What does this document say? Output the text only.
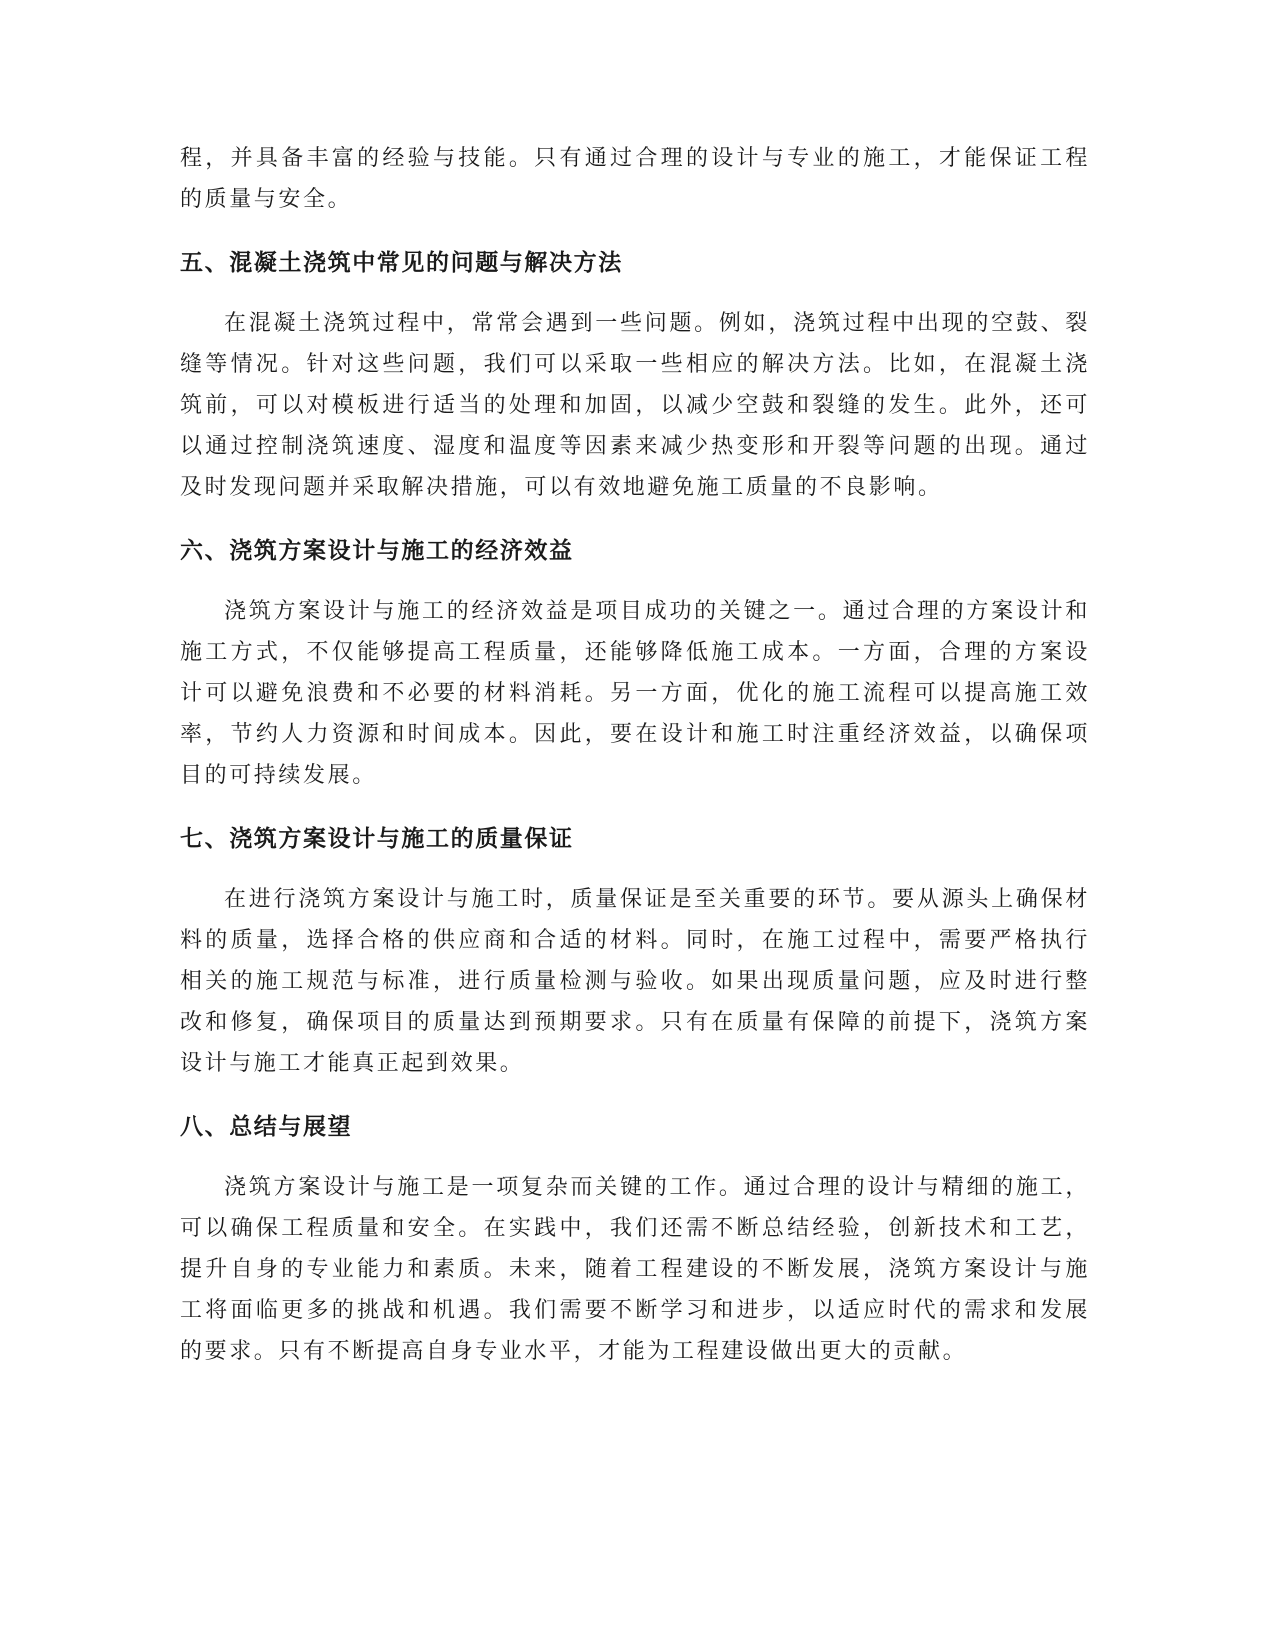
程，并具备丰富的经验与技能。只有通过合理的设计与专业的施工，才能保证工程的质量与安全。

五、混凝土浇筑中常见的问题与解决方法

在混凝土浇筑过程中，常常会遇到一些问题。例如，浇筑过程中出现的空鼓、裂缝等情况。针对这些问题，我们可以采取一些相应的解决方法。比如，在混凝土浇筑前，可以对模板进行适当的处理和加固，以减少空鼓和裂缝的发生。此外，还可以通过控制浇筑速度、湿度和温度等因素来减少热变形和开裂等问题的出现。通过及时发现问题并采取解决措施，可以有效地避免施工质量的不良影响。

六、浇筑方案设计与施工的经济效益

浇筑方案设计与施工的经济效益是项目成功的关键之一。通过合理的方案设计和施工方式，不仅能够提高工程质量，还能够降低施工成本。一方面，合理的方案设计可以避免浪费和不必要的材料消耗。另一方面，优化的施工流程可以提高施工效率，节约人力资源和时间成本。因此，要在设计和施工时注重经济效益，以确保项目的可持续发展。

七、浇筑方案设计与施工的质量保证

在进行浇筑方案设计与施工时，质量保证是至关重要的环节。要从源头上确保材料的质量，选择合格的供应商和合适的材料。同时，在施工过程中，需要严格执行相关的施工规范与标准，进行质量检测与验收。如果出现质量问题，应及时进行整改和修复，确保项目的质量达到预期要求。只有在质量有保障的前提下，浇筑方案设计与施工才能真正起到效果。

八、总结与展望

浇筑方案设计与施工是一项复杂而关键的工作。通过合理的设计与精细的施工，可以确保工程质量和安全。在实践中，我们还需不断总结经验，创新技术和工艺，提升自身的专业能力和素质。未来，随着工程建设的不断发展，浇筑方案设计与施工将面临更多的挑战和机遇。我们需要不断学习和进步，以适应时代的需求和发展的要求。只有不断提高自身专业水平，才能为工程建设做出更大的贡献。
